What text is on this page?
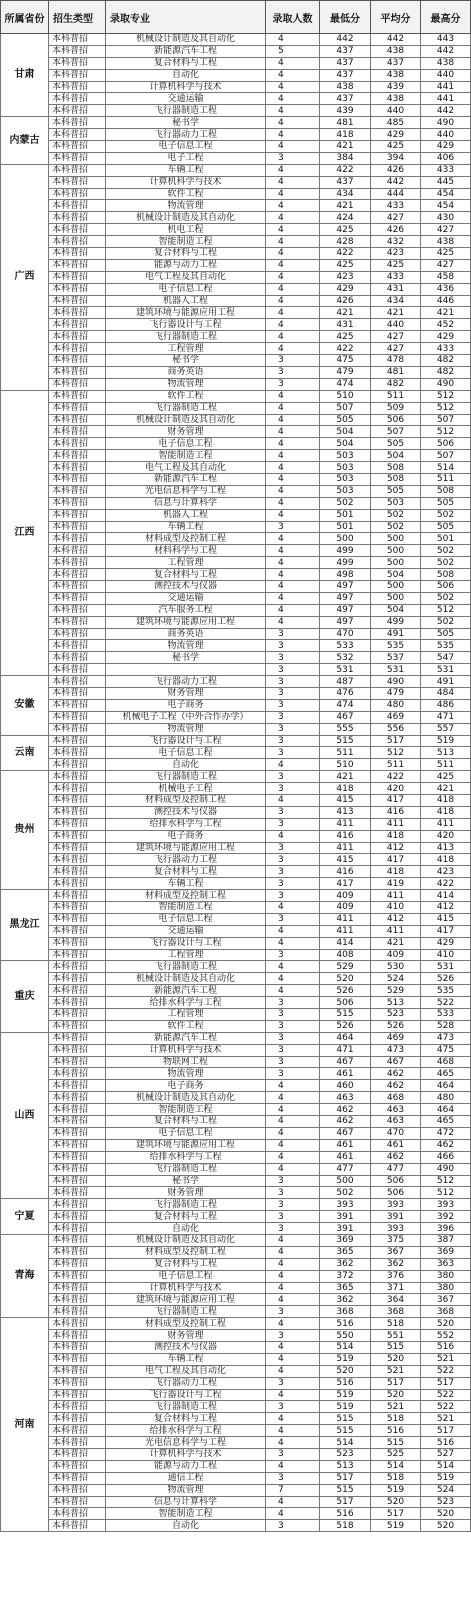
所属省份	招生类型	录取专业	录取人数	最低分	平均分	最高分
甘肃	本科普招	机械设计制造及其自动化	4	442	442	443
	本科普招	新能源汽车工程	5	437	438	442
	本科普招	复合材料与工程	4	437	437	438
	本科普招	自动化	4	437	438	440
	本科普招	计算机科学与技术	4	438	439	441
	本科普招	交通运输	4	437	438	441
	本科普招	飞行器制造工程	4	439	440	442
内蒙古	本科普招	秘书学	4	481	485	490
	本科普招	飞行器动力工程	4	418	429	440
	本科普招	电子信息工程	4	421	425	429
	本科普招	电子工程	3	384	394	406
广西	本科普招	车辆工程	4	422	426	433
	本科普招	计算机科学与技术	4	437	442	445
	本科普招	软件工程	4	434	444	454
	本科普招	物流管理	4	421	433	454
	本科普招	机械设计制造及其自动化	4	424	427	430
	本科普招	机电工程	4	425	426	427
	本科普招	智能制造工程	4	428	432	438
	本科普招	复合材料与工程	4	422	423	425
	本科普招	能源与动力工程	4	425	425	427
	本科普招	电气工程及其自动化	4	423	433	458
	本科普招	电子信息工程	4	429	431	436
	本科普招	机器人工程	4	426	434	446
	本科普招	建筑环境与能源应用工程	4	421	421	421
	本科普招	飞行器设计与工程	4	431	440	452
	本科普招	飞行器制造工程	4	425	427	429
	本科普招	工程管理	4	422	427	433
	本科普招	秘书学	3	475	478	482
	本科普招	商务英语	3	479	481	482
	本科普招	物流管理	3	474	482	490
江西	本科普招	软件工程	4	510	511	512
	本科普招	飞行器制造工程	4	507	509	512
	本科普招	机械设计制造及其自动化	4	505	506	507
	本科普招	财务管理	4	504	507	512
	本科普招	电子信息工程	4	504	505	506
	本科普招	智能制造工程	4	503	504	507
	本科普招	电气工程及其自动化	4	503	508	514
	本科普招	新能源汽车工程	4	503	508	511
	本科普招	光电信息科学与工程	4	503	505	508
	本科普招	信息与计算科学	4	502	503	505
	本科普招	机器人工程	4	501	502	502
	本科普招	车辆工程	3	501	502	505
	本科普招	材料成型及控制工程	4	500	500	501
	本科普招	材料科学与工程	4	499	500	502
	本科普招	工程管理	4	499	500	502
	本科普招	复合材料与工程	4	498	504	508
	本科普招	测控技术与仪器	4	497	500	506
	本科普招	交通运输	4	497	500	502
	本科普招	汽车服务工程	4	497	504	512
	本科普招	建筑环境与能源应用工程	4	497	499	502
	本科普招	商务英语	3	470	491	505
	本科普招	物流管理	3	533	535	535
	本科普招	秘书学	3	532	537	547
	本科普招		3	531	531	531
安徽	本科普招	飞行器动力工程	3	487	490	491
	本科普招	财务管理	3	476	479	484
	本科普招	电子商务	3	474	480	486
	本科普招	机械电子工程（中外合作办学）	3	467	469	471
	本科普招	物流管理	3	555	556	557
云南	本科普招	飞行器设计与工程	3	515	517	519
	本科普招	电子信息工程	3	511	512	513
	本科普招	自动化	4	510	511	511
贵州	本科普招	飞行器制造工程	3	421	422	425
	本科普招	机械电子工程	3	418	420	421
	本科普招	材料成型及控制工程	4	415	417	418
	本科普招	测控技术与仪器	3	413	416	418
	本科普招	给排水科学与工程	3	411	411	411
	本科普招	电子商务	4	416	418	420
	本科普招	建筑环境与能源应用工程	3	411	412	413
	本科普招	飞行器动力工程	3	415	417	418
	本科普招	复合材料与工程	3	416	418	423
	本科普招	车辆工程	3	417	419	422
黑龙江	本科普招	材料成型及控制工程	3	409	411	414
	本科普招	智能制造工程	4	409	410	412
	本科普招	电子信息工程	3	411	412	415
	本科普招	交通运输	4	411	411	417
	本科普招	飞行器设计与工程	4	414	421	429
	本科普招	工程管理	3	408	409	410
重庆	本科普招	飞行器制造工程	4	529	530	531
	本科普招	机械设计制造及其自动化	4	520	524	526
	本科普招	新能源汽车工程	4	526	529	535
	本科普招	给排水科学与工程	3	506	513	522
	本科普招	工程管理	3	515	523	533
	本科普招	软件工程	3	526	526	528
山西	本科普招	新能源汽车工程	3	464	469	473
	本科普招	计算机科学与技术	3	471	473	475
	本科普招	物联网工程	3	467	467	468
	本科普招	物流管理	3	461	462	465
	本科普招	电子商务	4	460	462	464
	本科普招	机械设计制造及其自动化	4	463	468	480
	本科普招	智能制造工程	4	462	463	464
	本科普招	复合材料与工程	4	462	463	465
	本科普招	电子信息工程	4	467	470	472
	本科普招	建筑环境与能源应用工程	4	461	461	462
	本科普招	给排水科学与工程	4	461	462	466
	本科普招	飞行器制造工程	4	477	477	490
	本科普招	秘书学	3	500	506	512
	本科普招	财务管理	3	502	506	512
宁夏	本科普招	飞行器制造工程	3	393	393	393
	本科普招	复合材料与工程	3	391	391	392
	本科普招	自动化	3	391	393	396
青海	本科普招	机械设计制造及其自动化	4	369	375	387
	本科普招	材料成型及控制工程	4	365	367	369
	本科普招	复合材料与工程	4	362	362	363
	本科普招	电子信息工程	4	372	376	380
	本科普招	计算机科学与技术	4	365	371	380
	本科普招	建筑环境与能源应用工程	4	362	364	367
	本科普招	飞行器制造工程	3	368	368	368
河南	本科普招	材料成型及控制工程	4	516	518	520
	本科普招	财务管理	3	550	551	552
	本科普招	测控技术与仪器	4	514	515	516
	本科普招	车辆工程	4	519	520	521
	本科普招	电气工程及其自动化	4	520	521	522
	本科普招	飞行器动力工程	3	516	517	517
	本科普招	飞行器设计与工程	4	519	520	522
	本科普招	飞行器制造工程	3	519	521	522
	本科普招	复合材料与工程	4	515	518	521
	本科普招	给排水科学与工程	4	515	516	517
	本科普招	光电信息科学与工程	4	514	515	516
	本科普招	计算机科学与技术	3	523	525	527
	本科普招	能源与动力工程	4	513	514	514
	本科普招	通信工程	3	517	518	519
	本科普招	物流管理	7	515	519	524
	本科普招	信息与计算科学	4	517	520	523
	本科普招	智能制造工程	4	516	517	520
	本科普招	自动化	3	518	519	520
